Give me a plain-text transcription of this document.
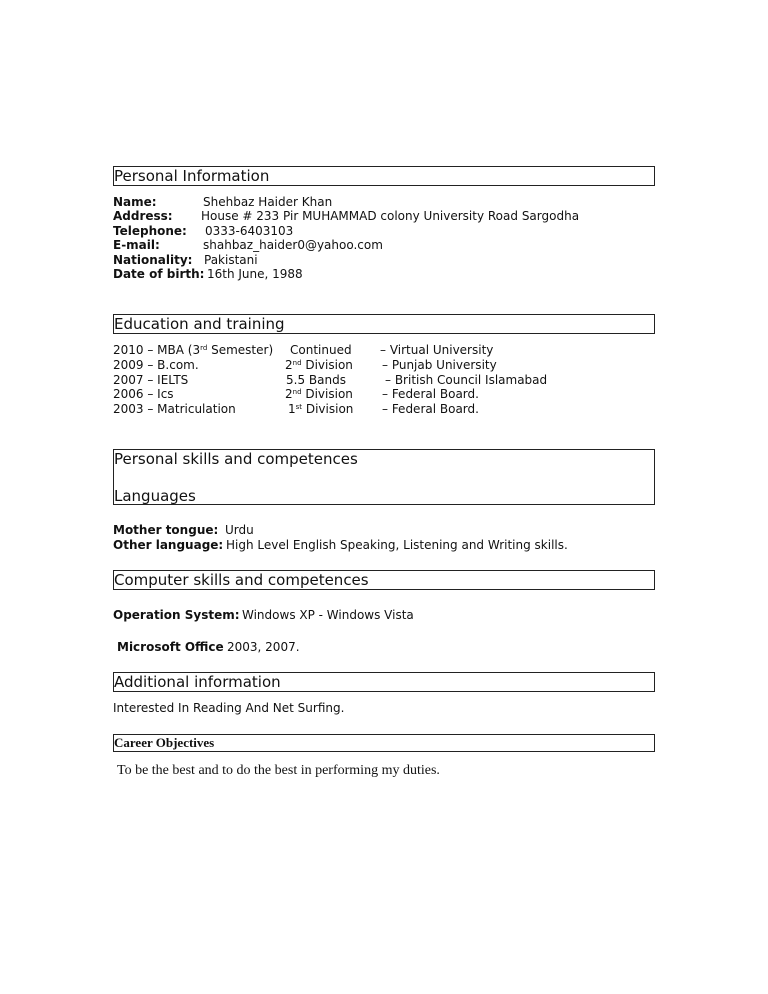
Personal Information
Name:	Shehbaz Haider Khan
Address: House # 233 Pir MUHAMMAD colony University Road Sargodha
Telephone: 0333-6403103
E-mail:	shahbaz_haider0@yahoo.com
Nationality: Pakistani
Date of birth: 16th June, 1988
Education and training
2010 – MBA (3rd Semester) Continued – Virtual University
2009 – B.com.	2nd Division – Punjab University
2007 – IELTS	5.5 Bands	– British Council Islamabad
2006 – Ics	2nd Division – Federal Board.
2003 – Matriculation	1st Division – Federal Board.
Personal skills and competences
Languages
Mother tongue: Urdu
Other language: High Level English Speaking, Listening and Writing skills.
Computer skills and competences
Operation System: Windows XP - Windows Vista
Microsoft Office 2003, 2007.
Additional information
Interested In Reading And Net Surfing.
Career Objectives
To be the best and to do the best in performing my duties.
